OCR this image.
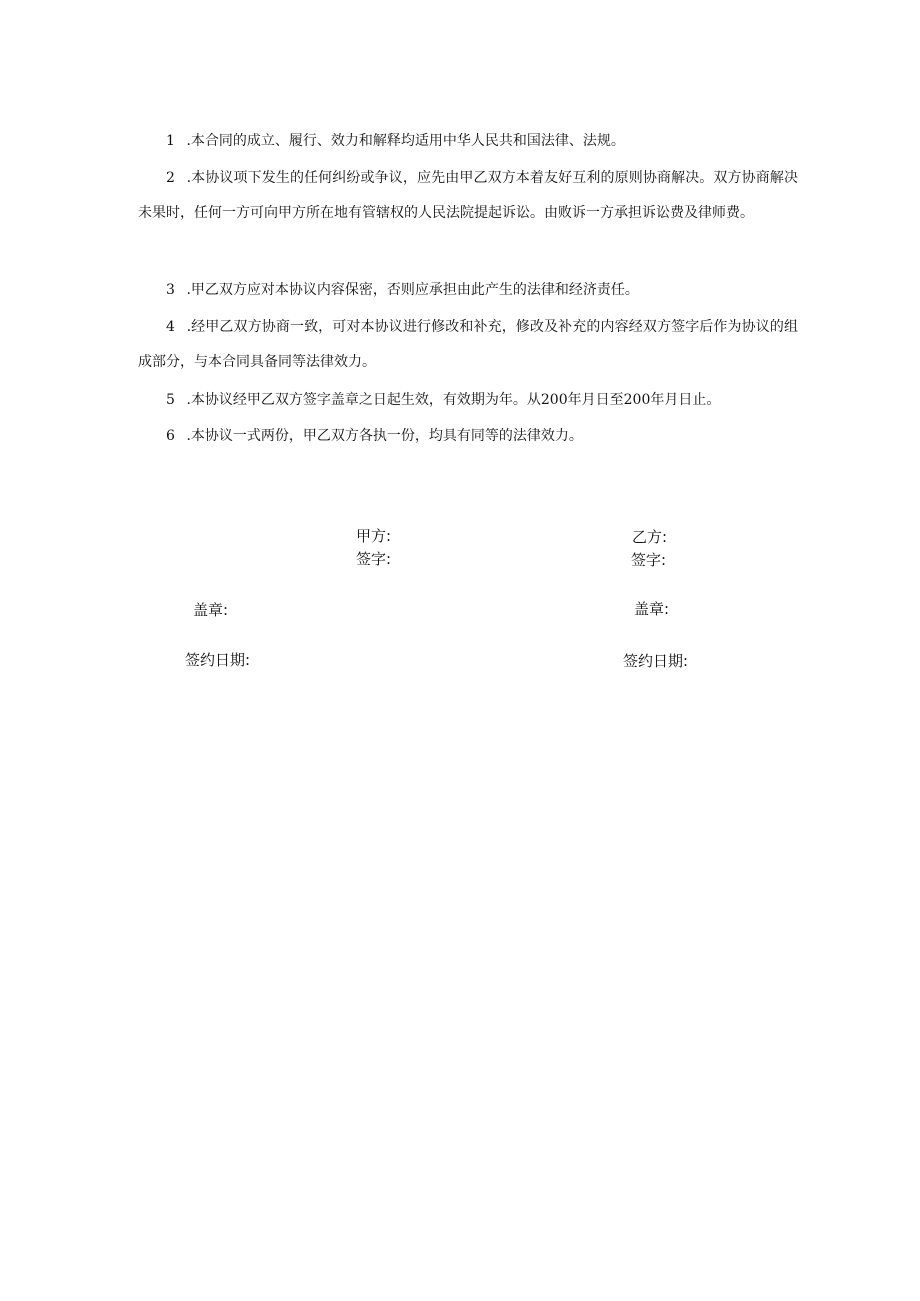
1 .本合同的成立、履行、效力和解释均适用中华人民共和国法律、法规。

2 .本协议项下发生的任何纠纷或争议，应先由甲乙双方本着友好互利的原则协商解决。双方协商解决未果时，任何一方可向甲方所在地有管辖权的人民法院提起诉讼。由败诉一方承担诉讼费及律师费。

3 .甲乙双方应对本协议内容保密，否则应承担由此产生的法律和经济责任。

4 .经甲乙双方协商一致，可对本协议进行修改和补充，修改及补充的内容经双方签字后作为协议的组成部分，与本合同具备同等法律效力。

5 .本协议经甲乙双方签字盖章之日起生效，有效期为年。从200年月日至200年月日止。

6 .本协议一式两份，甲乙双方各执一份，均具有同等的法律效力。

甲方:
签字:
盖章:
签约日期:
乙方:
签字:
盖章:
签约日期:
